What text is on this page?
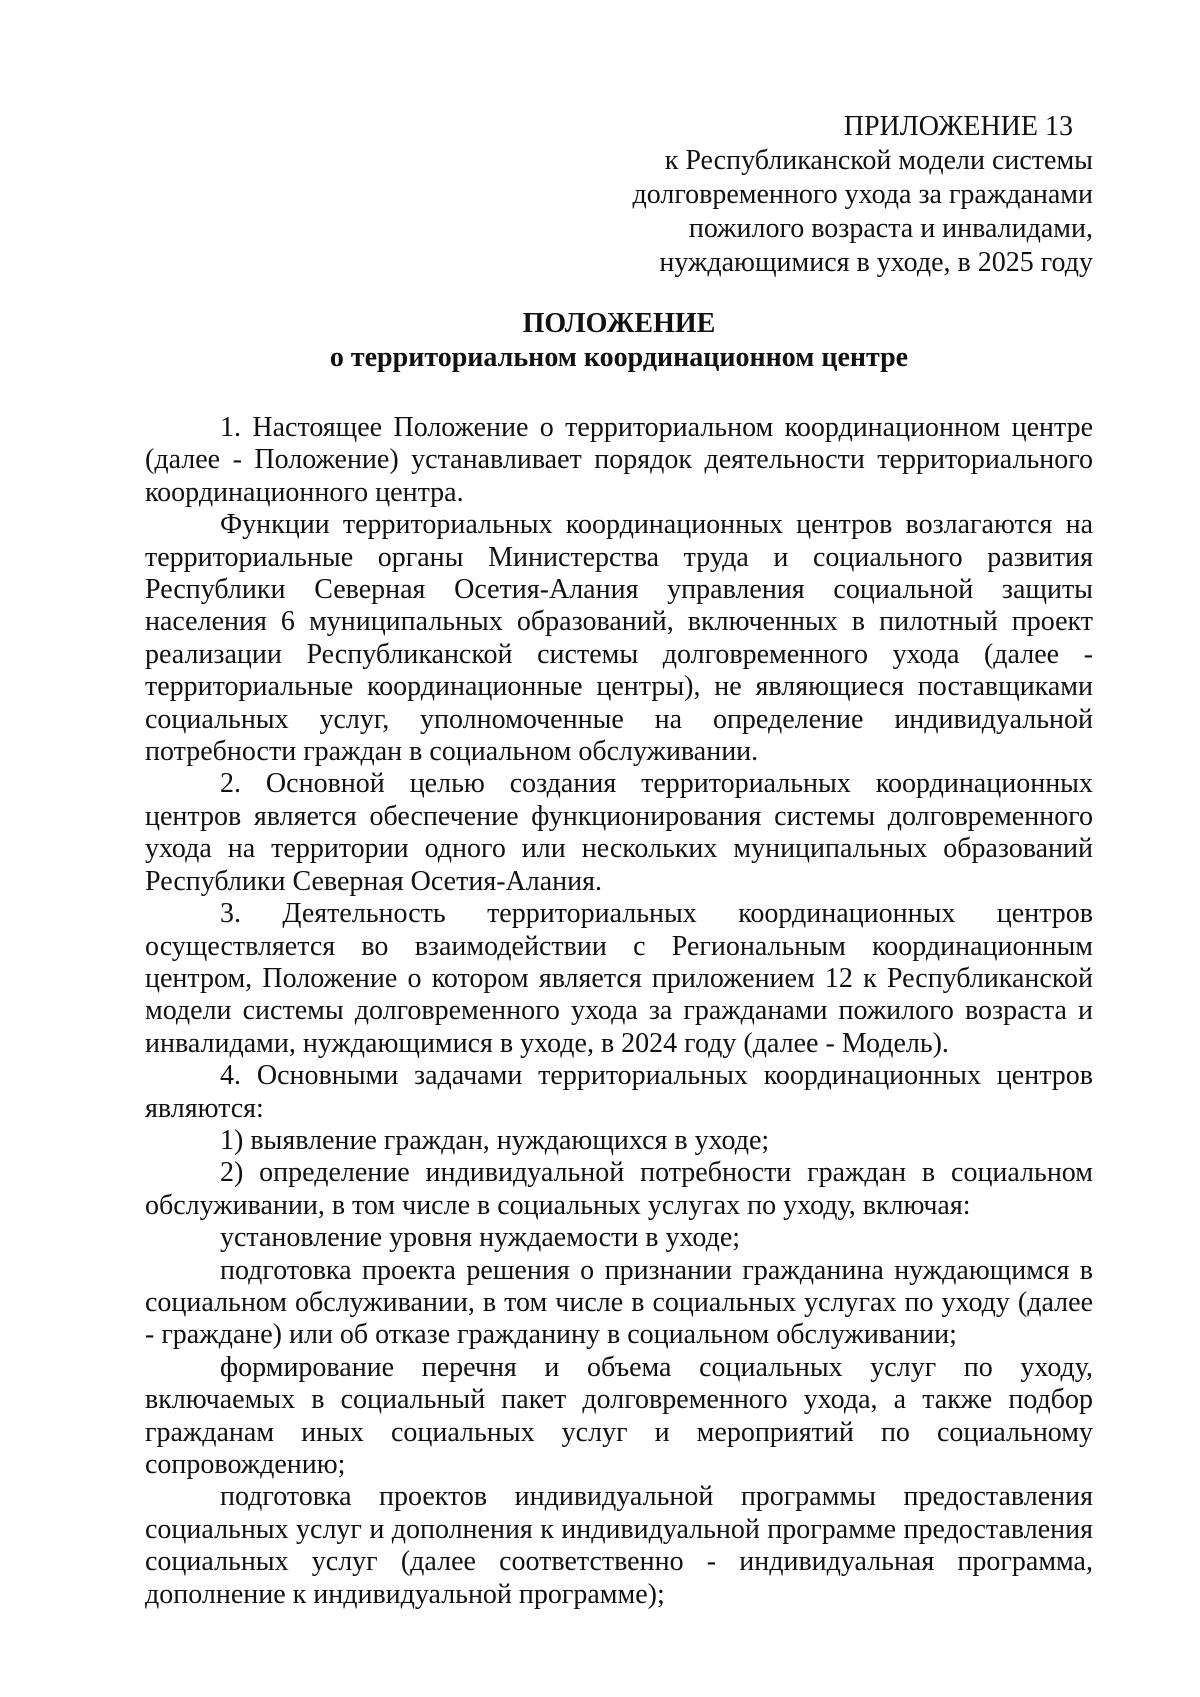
ПРИЛОЖЕНИЕ 13
к Республиканской модели системы
долговременного ухода за гражданами
пожилого возраста и инвалидами,
нуждающимися в уходе, в 2025 году
ПОЛОЖЕНИЕ
о территориальном координационном центре

1. Настоящее Положение о территориальном координационном центре (далее - Положение) устанавливает порядок деятельности территориального координационного центра.

Функции территориальных координационных центров возлагаются на территориальные органы Министерства труда и социального развития Республики Северная Осетия-Алания управления социальной защиты населения 6 муниципальных образований, включенных в пилотный проект реализации Республиканской системы долговременного ухода (далее - территориальные координационные центры), не являющиеся поставщиками социальных услуг, уполномоченные на определение индивидуальной потребности граждан в социальном обслуживании.

2. Основной целью создания территориальных координационных центров является обеспечение функционирования системы долговременного ухода на территории одного или нескольких муниципальных образований Республики Северная Осетия-Алания.

3. Деятельность территориальных координационных центров осуществляется во взаимодействии с Региональным координационным центром, Положение о котором является приложением 12 к Республиканской модели системы долговременного ухода за гражданами пожилого возраста и инвалидами, нуждающимися в уходе, в 2024 году (далее - Модель).

4. Основными задачами территориальных координационных центров являются:

1) выявление граждан, нуждающихся в уходе;

2) определение индивидуальной потребности граждан в социальном обслуживании, в том числе в социальных услугах по уходу, включая:

установление уровня нуждаемости в уходе;

подготовка проекта решения о признании гражданина нуждающимся в социальном обслуживании, в том числе в социальных услугах по уходу (далее - граждане) или об отказе гражданину в социальном обслуживании;

формирование перечня и объема социальных услуг по уходу, включаемых в социальный пакет долговременного ухода, а также подбор гражданам иных социальных услуг и мероприятий по социальному сопровождению;

подготовка проектов индивидуальной программы предоставления социальных услуг и дополнения к индивидуальной программе предоставления социальных услуг (далее соответственно - индивидуальная программа, дополнение к индивидуальной программе);
